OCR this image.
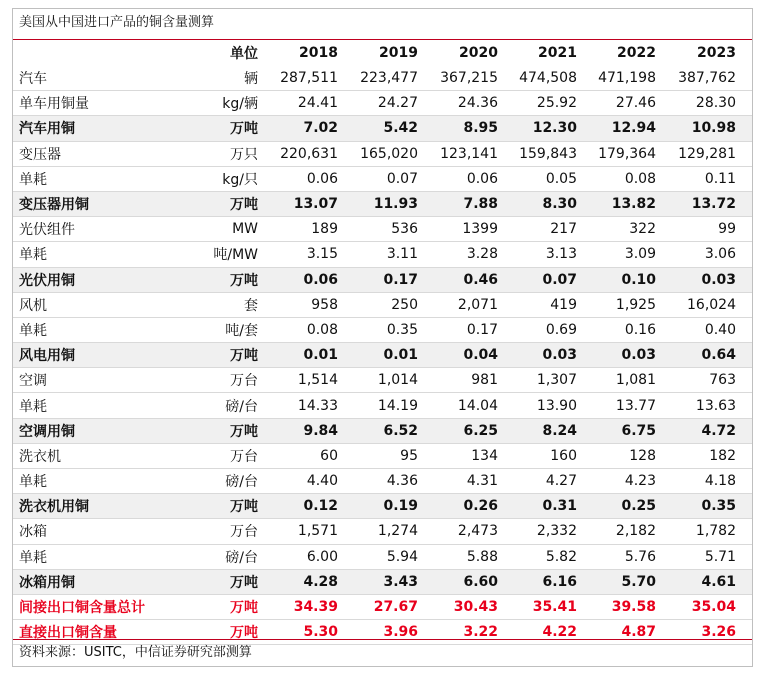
美国从中国进口产品的铜含量测算
单位	2018	2019	2020	2021	2022	2023
汽车	辆 287,511 223,477 367,215 474,508 471,198 387,762
单车用铜量	kg/辆	24.41	24.27	24.36	25.92	27.46	28.30
汽车用铜	万吨	7.02	5.42	8.95 12.30 12.94	10.98
变压器	万只 220,631 165,020 123,141 159,843 179,364 129,281
单耗	kg/只	0.06	0.07	0.06	0.05	0.08	0.11
变压器用铜	万吨	13.07	11.93	7.88	8.30 13.82	13.72
光伏组件	MW	189	536	1399	217	322	99
单耗	吨/MW	3.15	3.11	3.28	3.13	3.09	3.06
光伏用铜	万吨	0.06	0.17	0.46	0.07	0.10	0.03
风机	套	958	250	2,071	419	1,925 16,024
单耗	吨/套	0.08	0.35	0.17	0.69	0.16	0.40
风电用铜	万吨	0.01	0.01	0.04	0.03	0.03	0.64
空调	万台	1,514	1,014	981	1,307	1,081	763
单耗	磅/台	14.33	14.19	14.04	13.90	13.77	13.63
空调用铜	万吨	9.84	6.52	6.25	8.24	6.75	4.72
洗衣机	万台	60	95	134	160	128	182
单耗	磅/台	4.40	4.36	4.31	4.27	4.23	4.18
洗衣机用铜	万吨	0.12	0.19	0.26	0.31	0.25	0.35
冰箱	万台	1,571	1,274	2,473	2,332	2,182	1,782
单耗	磅/台	6.00	5.94	5.88	5.82	5.76	5.71
冰箱用铜	万吨	4.28	3.43	6.60	6.16	5.70	4.61
间接出口铜含量总计	万吨	34.39	27.67	30.43 35.41 39.58	35.04
直接出口铜含量	万吨	5.30	3.96	3.22	4.22	4.87	3.26
资料来源：USITC，中信证券研究部测算
